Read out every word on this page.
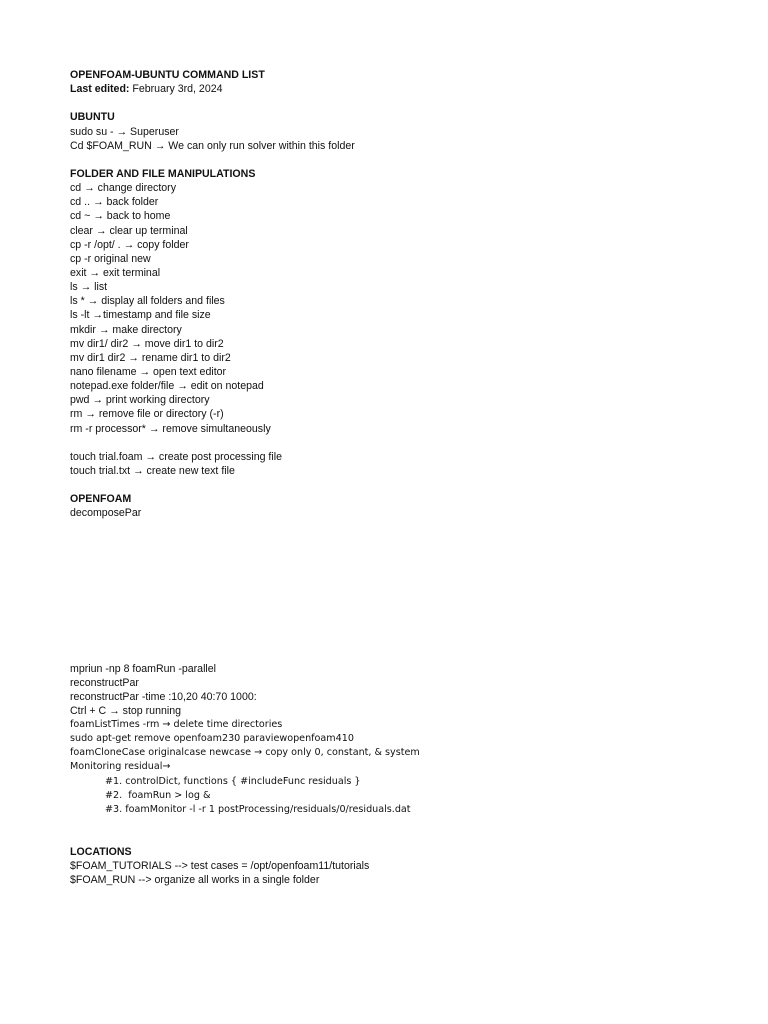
OPENFOAM-UBUNTU COMMAND LIST
Last edited: February 3rd, 2024
UBUNTU
sudo su - → Superuser
Cd $FOAM_RUN → We can only run solver within this folder
FOLDER AND FILE MANIPULATIONS
cd → change directory
cd .. → back folder
cd ~ → back to home
clear → clear up terminal
cp -r /opt/ . → copy folder
cp -r original new
exit → exit terminal
ls → list
ls * → display all folders and files
ls -lt →timestamp and file size
mkdir → make directory
mv dir1/ dir2 → move dir1 to dir2
mv dir1 dir2 → rename dir1 to dir2
nano filename → open text editor
notepad.exe folder/file → edit on notepad
pwd → print working directory
rm → remove file or directory (-r)
rm -r processor* → remove simultaneously
touch trial.foam → create post processing file
touch trial.txt → create new text file
OPENFOAM
decomposePar
mpriun -np 8 foamRun -parallel
reconstructPar
reconstructPar -time :10,20 40:70 1000:
Ctrl + C → stop running
foamListTimes -rm → delete time directories
sudo apt-get remove openfoam230 paraviewopenfoam410
foamCloneCase originalcase newcase → copy only 0, constant, & system
Monitoring residual→
#1. controlDict, functions { #includeFunc residuals }
#2.  foamRun > log &
#3. foamMonitor -l -r 1 postProcessing/residuals/0/residuals.dat
LOCATIONS
$FOAM_TUTORIALS --> test cases = /opt/openfoam11/tutorials
$FOAM_RUN --> organize all works in a single folder
